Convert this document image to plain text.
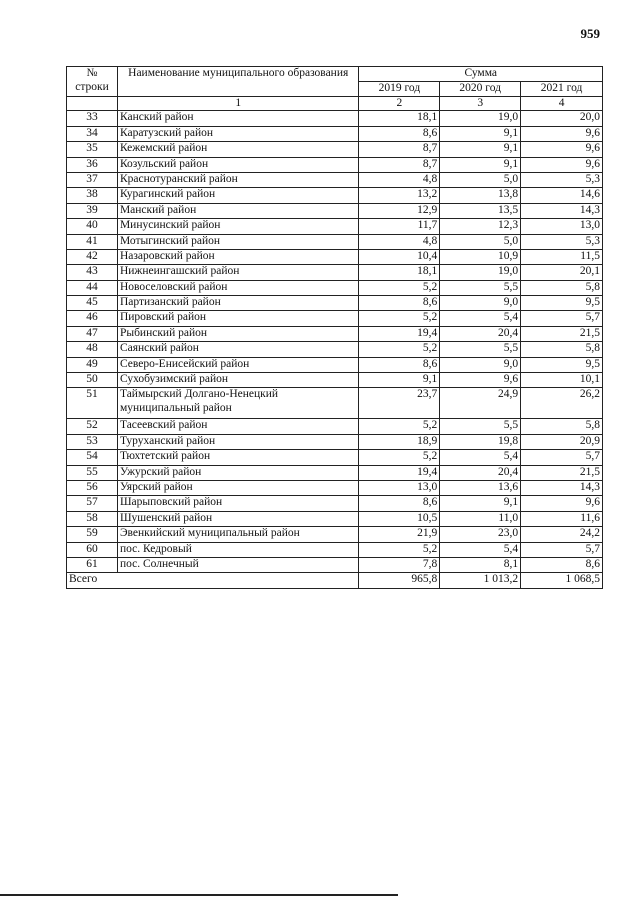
959
№ строки	Наименование муниципального образования	Сумма		
		2019 год	2020 год	2021 год
	1	2	3	4
33	Канский район	18,1	19,0	20,0
34	Каратузский район	8,6	9,1	9,6
35	Кежемский район	8,7	9,1	9,6
36	Козульский район	8,7	9,1	9,6
37	Краснотуранский район	4,8	5,0	5,3
38	Курагинский район	13,2	13,8	14,6
39	Манский район	12,9	13,5	14,3
40	Минусинский район	11,7	12,3	13,0
41	Мотыгинский район	4,8	5,0	5,3
42	Назаровский район	10,4	10,9	11,5
43	Нижнеингашский район	18,1	19,0	20,1
44	Новоселовский район	5,2	5,5	5,8
45	Партизанский район	8,6	9,0	9,5
46	Пировский район	5,2	5,4	5,7
47	Рыбинский район	19,4	20,4	21,5
48	Саянский район	5,2	5,5	5,8
49	Северо-Енисейский район	8,6	9,0	9,5
50	Сухобузимский район	9,1	9,6	10,1
51	Таймырский Долгано-Ненецкий муниципальный район	23,7	24,9	26,2
52	Тасеевский район	5,2	5,5	5,8
53	Туруханский район	18,9	19,8	20,9
54	Тюхтетский район	5,2	5,4	5,7
55	Ужурский район	19,4	20,4	21,5
56	Уярский район	13,0	13,6	14,3
57	Шарыповский район	8,6	9,1	9,6
58	Шушенский район	10,5	11,0	11,6
59	Эвенкийский муниципальный район	21,9	23,0	24,2
60	пос. Кедровый	5,2	5,4	5,7
61	пос. Солнечный	7,8	8,1	8,6
Всего		965,8	1 013,2	1 068,5
